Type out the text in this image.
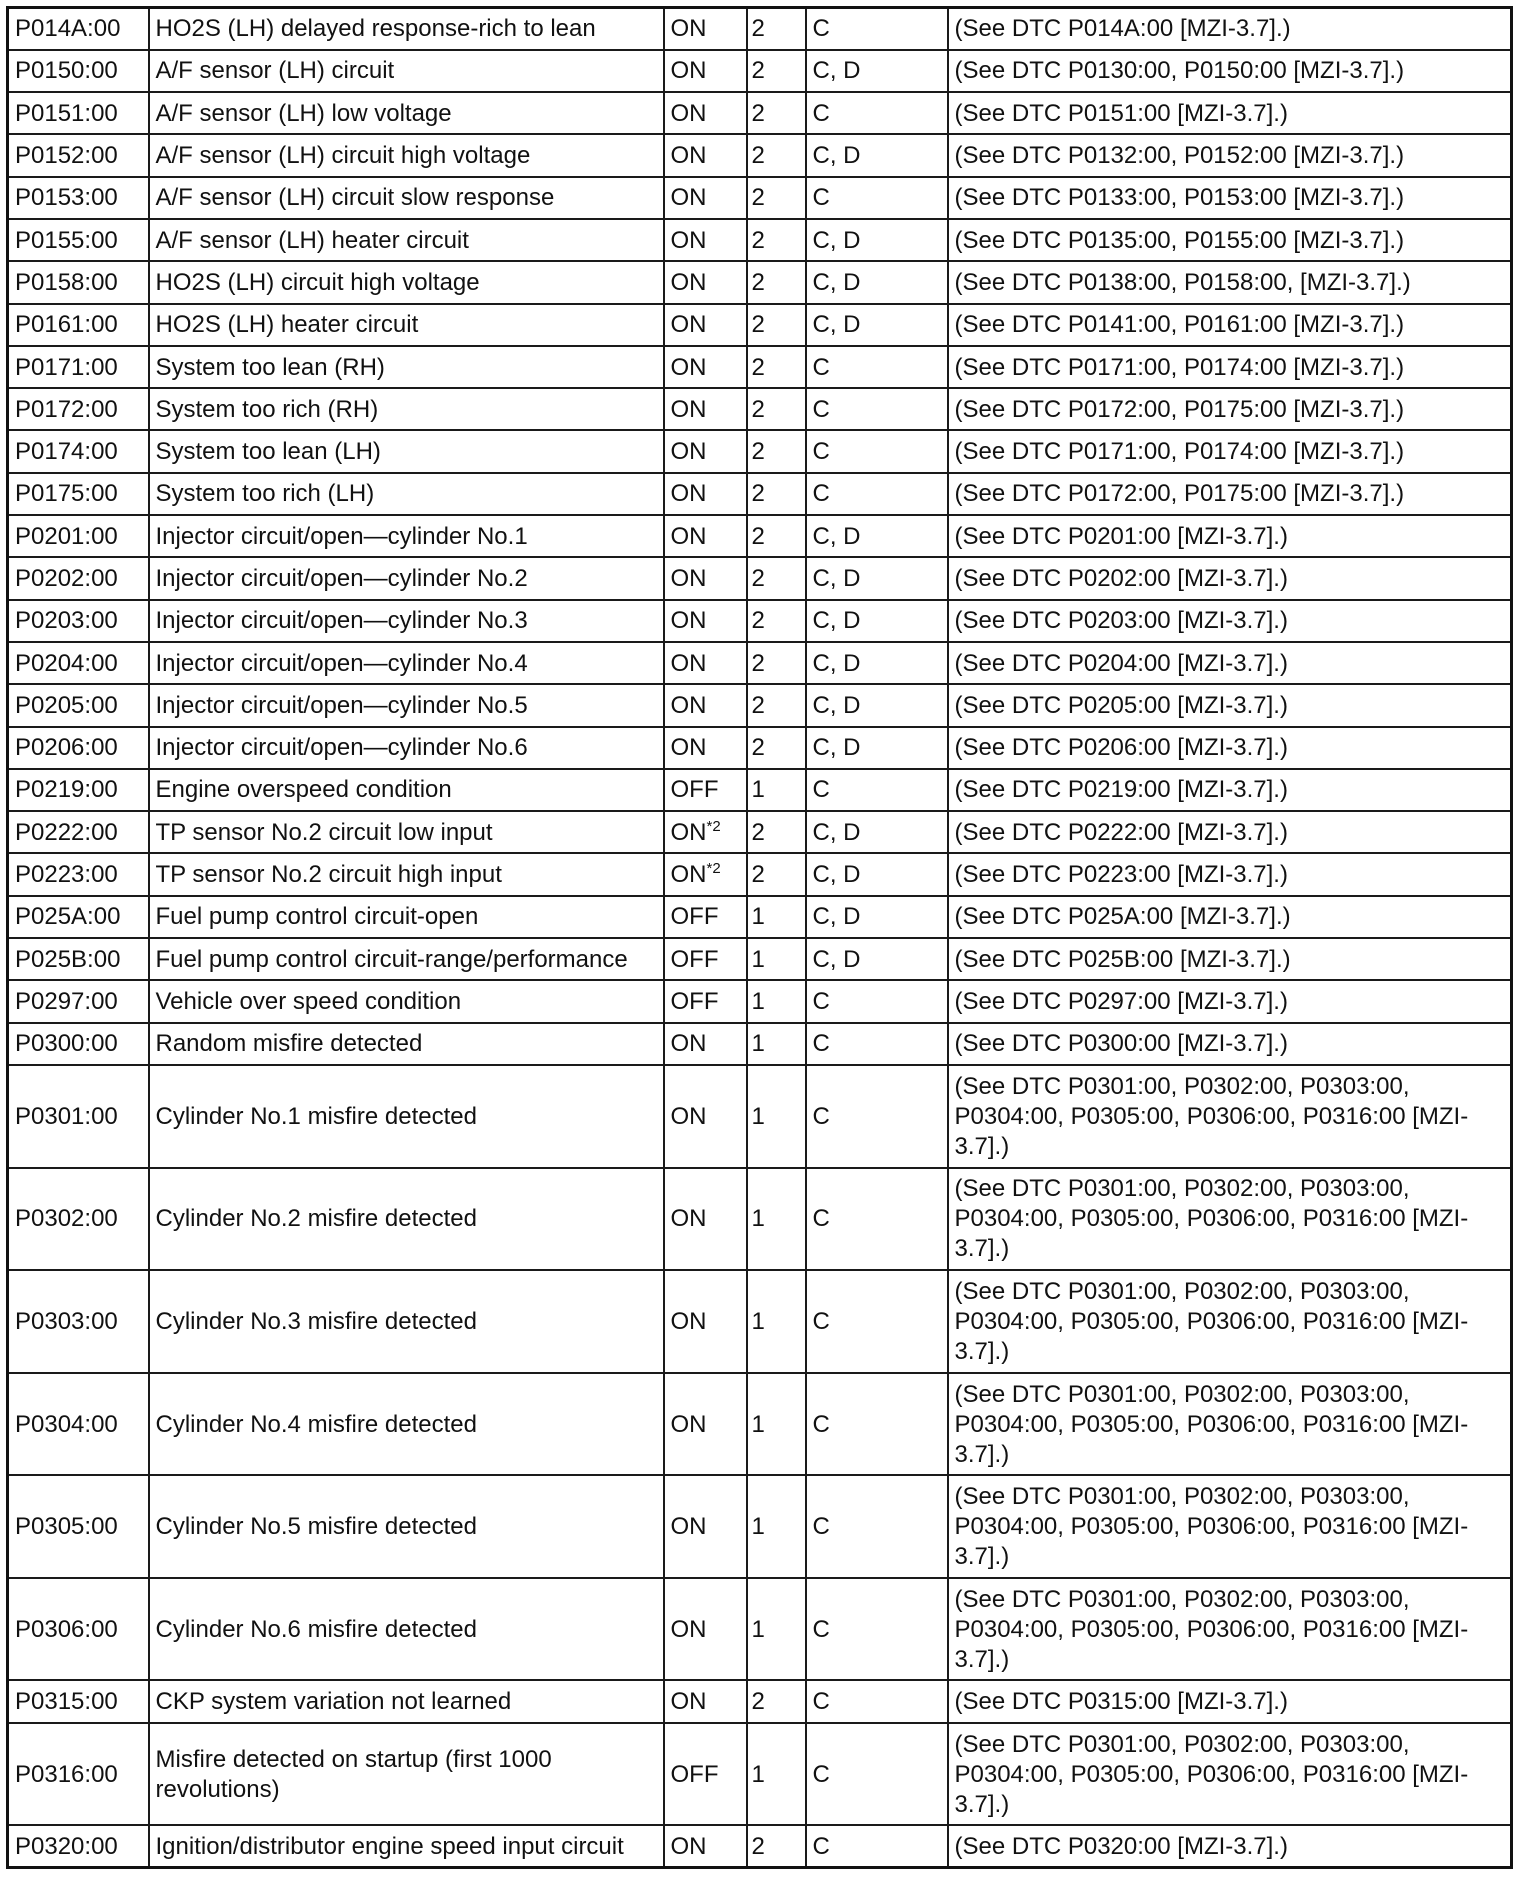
P014A:00	HO2S (LH) delayed response-rich to lean	ON	2	C	(See DTC P014A:00 [MZI-3.7].)
P0150:00	A/F sensor (LH) circuit	ON	2	C, D	(See DTC P0130:00, P0150:00 [MZI-3.7].)
P0151:00	A/F sensor (LH) low voltage	ON	2	C	(See DTC P0151:00 [MZI-3.7].)
P0152:00	A/F sensor (LH) circuit high voltage	ON	2	C, D	(See DTC P0132:00, P0152:00 [MZI-3.7].)
P0153:00	A/F sensor (LH) circuit slow response	ON	2	C	(See DTC P0133:00, P0153:00 [MZI-3.7].)
P0155:00	A/F sensor (LH) heater circuit	ON	2	C, D	(See DTC P0135:00, P0155:00 [MZI-3.7].)
P0158:00	HO2S (LH) circuit high voltage	ON	2	C, D	(See DTC P0138:00, P0158:00, [MZI-3.7].)
P0161:00	HO2S (LH) heater circuit	ON	2	C, D	(See DTC P0141:00, P0161:00 [MZI-3.7].)
P0171:00	System too lean (RH)	ON	2	C	(See DTC P0171:00, P0174:00 [MZI-3.7].)
P0172:00	System too rich (RH)	ON	2	C	(See DTC P0172:00, P0175:00 [MZI-3.7].)
P0174:00	System too lean (LH)	ON	2	C	(See DTC P0171:00, P0174:00 [MZI-3.7].)
P0175:00	System too rich (LH)	ON	2	C	(See DTC P0172:00, P0175:00 [MZI-3.7].)
P0201:00	Injector circuit/open—cylinder No.1	ON	2	C, D	(See DTC P0201:00 [MZI-3.7].)
P0202:00	Injector circuit/open—cylinder No.2	ON	2	C, D	(See DTC P0202:00 [MZI-3.7].)
P0203:00	Injector circuit/open—cylinder No.3	ON	2	C, D	(See DTC P0203:00 [MZI-3.7].)
P0204:00	Injector circuit/open—cylinder No.4	ON	2	C, D	(See DTC P0204:00 [MZI-3.7].)
P0205:00	Injector circuit/open—cylinder No.5	ON	2	C, D	(See DTC P0205:00 [MZI-3.7].)
P0206:00	Injector circuit/open—cylinder No.6	ON	2	C, D	(See DTC P0206:00 [MZI-3.7].)
P0219:00	Engine overspeed condition	OFF	1	C	(See DTC P0219:00 [MZI-3.7].)
P0222:00	TP sensor No.2 circuit low input	ON$^{*2}$	2	C, D	(See DTC P0222:00 [MZI-3.7].)
P0223:00	TP sensor No.2 circuit high input	ON$^{*2}$	2	C, D	(See DTC P0223:00 [MZI-3.7].)
P025A:00	Fuel pump control circuit-open	OFF	1	C, D	(See DTC P025A:00 [MZI-3.7].)
P025B:00	Fuel pump control circuit-range/performance	OFF	1	C, D	(See DTC P025B:00 [MZI-3.7].)
P0297:00	Vehicle over speed condition	OFF	1	C	(See DTC P0297:00 [MZI-3.7].)
P0300:00	Random misfire detected	ON	1	C	(See DTC P0300:00 [MZI-3.7].)
P0301:00	Cylinder No.1 misfire detected	ON	1	C	(See DTC P0301:00, P0302:00, P0303:00, P0304:00, P0305:00, P0306:00, P0316:00 [MZI-3.7].)
P0302:00	Cylinder No.2 misfire detected	ON	1	C	(See DTC P0301:00, P0302:00, P0303:00, P0304:00, P0305:00, P0306:00, P0316:00 [MZI-3.7].)
P0303:00	Cylinder No.3 misfire detected	ON	1	C	(See DTC P0301:00, P0302:00, P0303:00, P0304:00, P0305:00, P0306:00, P0316:00 [MZI-3.7].)
P0304:00	Cylinder No.4 misfire detected	ON	1	C	(See DTC P0301:00, P0302:00, P0303:00, P0304:00, P0305:00, P0306:00, P0316:00 [MZI-3.7].)
P0305:00	Cylinder No.5 misfire detected	ON	1	C	(See DTC P0301:00, P0302:00, P0303:00, P0304:00, P0305:00, P0306:00, P0316:00 [MZI-3.7].)
P0306:00	Cylinder No.6 misfire detected	ON	1	C	(See DTC P0301:00, P0302:00, P0303:00, P0304:00, P0305:00, P0306:00, P0316:00 [MZI-3.7].)
P0315:00	CKP system variation not learned	ON	2	C	(See DTC P0315:00 [MZI-3.7].)
P0316:00	Misfire detected on startup (first 1000 revolutions)	OFF	1	C	(See DTC P0301:00, P0302:00, P0303:00, P0304:00, P0305:00, P0306:00, P0316:00 [MZI-3.7].)
P0320:00	Ignition/distributor engine speed input circuit	ON	2	C	(See DTC P0320:00 [MZI-3.7].)
